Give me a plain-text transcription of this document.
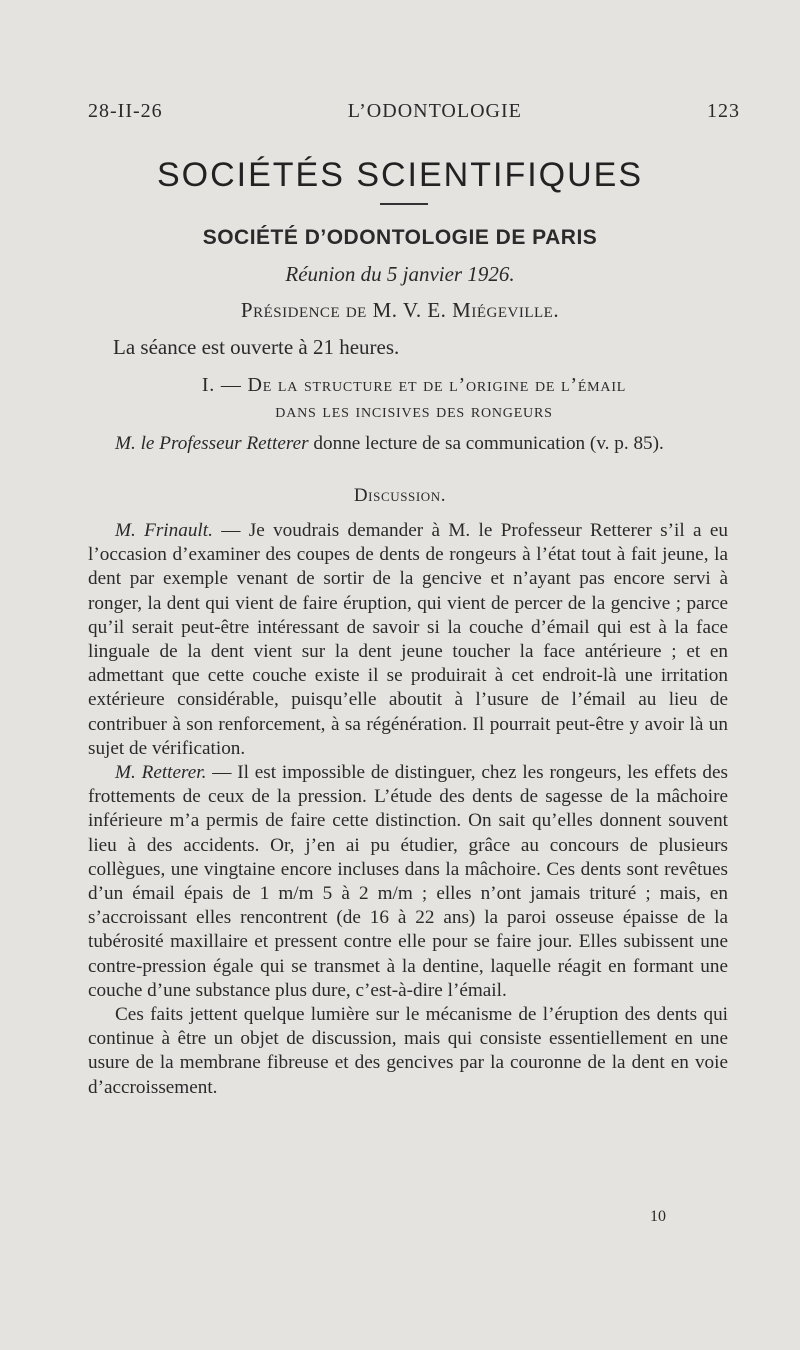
28-II-26	L’ODONTOLOGIE	123
SOCIÉTÉS SCIENTIFIQUES
SOCIÉTÉ D’ODONTOLOGIE DE PARIS
Réunion du 5 janvier 1926.
Présidence de M. V. E. Miégeville.
La séance est ouverte à 21 heures.
I. — De la structure et de l’origine de l’émail
dans les incisives des rongeurs

M. le Professeur Retterer donne lecture de sa communication (v. p. 85).

Discussion.

M. Frinault. — Je voudrais demander à M. le Professeur Retterer s’il a eu l’occasion d’examiner des coupes de dents de rongeurs à l’état tout à fait jeune, la dent par exemple venant de sortir de la gencive et n’ayant pas encore servi à ronger, la dent qui vient de faire éruption, qui vient de percer de la gencive ; parce qu’il serait peut-être intéressant de savoir si la couche d’émail qui est à la face linguale de la dent vient sur la dent jeune toucher la face antérieure ; et en admettant que cette couche existe il se produirait à cet endroit-là une irritation extérieure considérable, puisqu’elle aboutit à l’usure de l’émail au lieu de contribuer à son renforcement, à sa régénération. Il pourrait peut-être y avoir là un sujet de vérification.

M. Retterer. — Il est impossible de distinguer, chez les rongeurs, les effets des frottements de ceux de la pression. L’étude des dents de sagesse de la mâchoire inférieure m’a permis de faire cette distinction. On sait qu’elles donnent souvent lieu à des accidents. Or, j’en ai pu étudier, grâce au concours de plusieurs collègues, une vingtaine encore incluses dans la mâchoire. Ces dents sont revêtues d’un émail épais de 1 m/m 5 à 2 m/m ; elles n’ont jamais trituré ; mais, en s’accroissant elles rencontrent (de 16 à 22 ans) la paroi osseuse épaisse de la tubérosité maxillaire et pressent contre elle pour se faire jour. Elles subissent une contre-pression égale qui se transmet à la dentine, laquelle réagit en formant une couche d’une substance plus dure, c’est-à-dire l’émail.

Ces faits jettent quelque lumière sur le mécanisme de l’éruption des dents qui continue à être un objet de discussion, mais qui consiste essentiellement en une usure de la membrane fibreuse et des gencives par la couronne de la dent en voie d’accroissement.

10
